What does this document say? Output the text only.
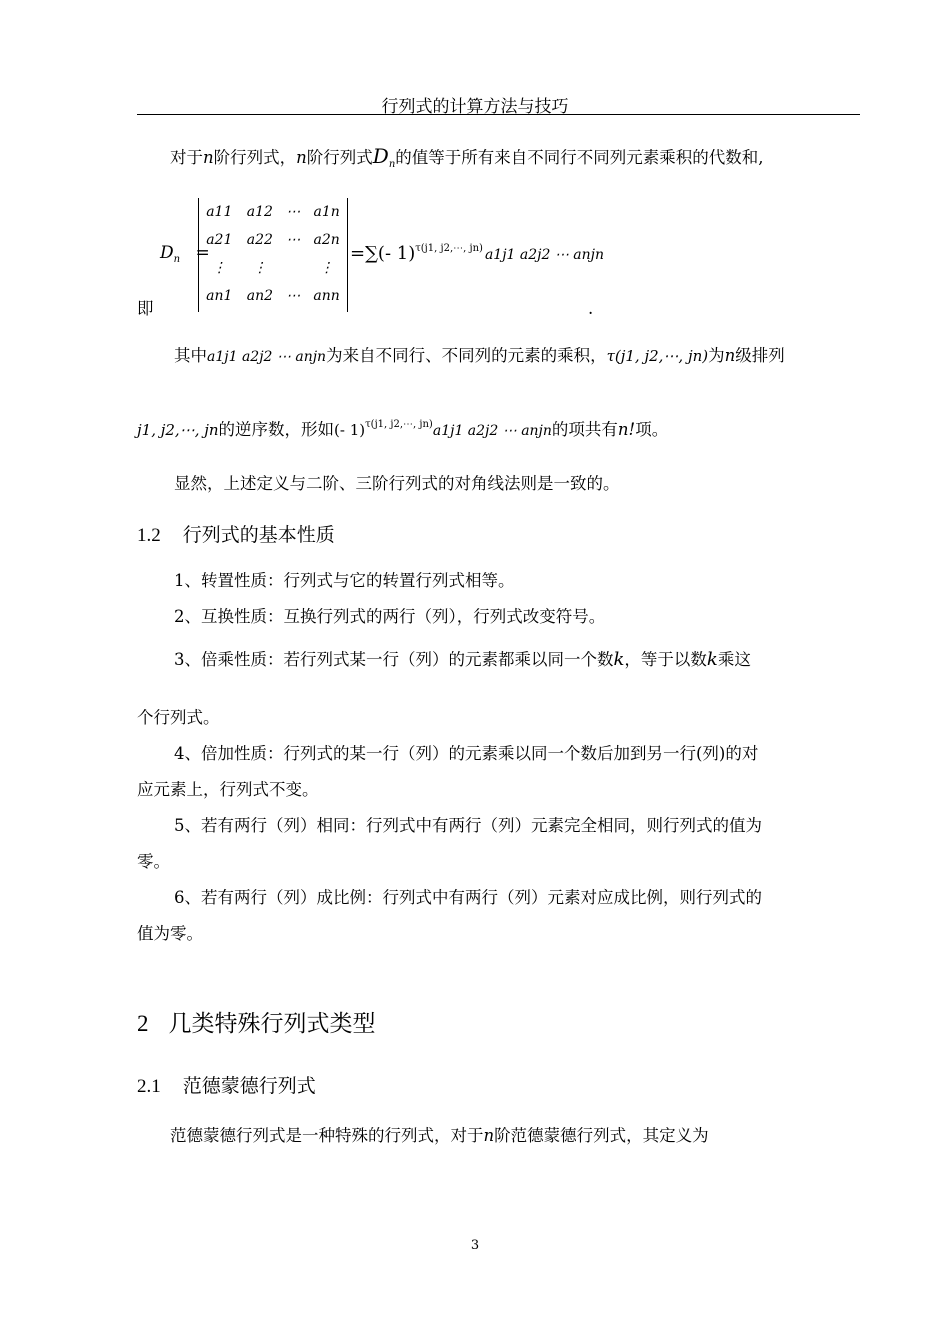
行列式的计算方法与技巧
对于n阶行列式，n阶行列式$D_n$的值等于所有来自不同行不同列元素乘积的代数和,
即
$D_n$ =
a11	a12	⋯	a1n
a21	a22	⋯	a2n
⋮	⋮		⋮
an1	an2	⋯	ann
=∑(- 1)$^{\tau(j1, j2,\cdots, jn)}$ a1j1 a2j2 ⋯ anjn
.
其中a1j1 a2j2 ⋯ anjn为来自不同行、不同列的元素的乘积，τ(j1, j2,⋯, jn)为n级排列
j1, j2,⋯, jn的逆序数，形如(- 1)$^{\tau(j1, j2,\cdots, jn)}$a1j1 a2j2 ⋯ anjn的项共有n!项。
显然，上述定义与二阶、三阶行列式的对角线法则是一致的。
1.2 行列式的基本性质
1、转置性质：行列式与它的转置行列式相等。
2、互换性质：互换行列式的两行（列），行列式改变符号。
3、倍乘性质：若行列式某一行（列）的元素都乘以同一个数k，等于以数k乘这
个行列式。
4、倍加性质：行列式的某一行（列）的元素乘以同一个数后加到另一行(列)的对
应元素上，行列式不变。
5、若有两行（列）相同：行列式中有两行（列）元素完全相同，则行列式的值为
零。
6、若有两行（列）成比例：行列式中有两行（列）元素对应成比例，则行列式的
值为零。
2 几类特殊行列式类型
2.1 范德蒙德行列式
范德蒙德行列式是一种特殊的行列式，对于n阶范德蒙德行列式，其定义为
3
